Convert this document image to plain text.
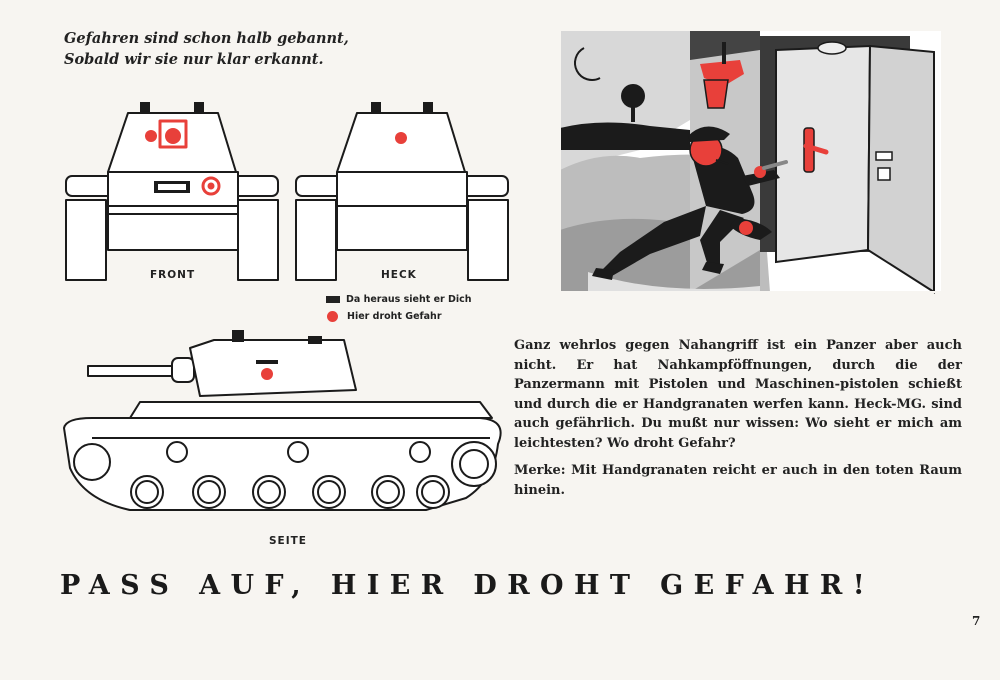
Gefahren sind schon halb gebannt,
Sobald wir sie nur klar erkannt.
FRONT	HECK
SEITE
Da heraus sieht er Dich
Hier droht Gefahr

Ganz wehrlos gegen Nahangriff ist ein Panzer aber auch nicht. Er hat Nahkampföffnungen, durch die der Panzermann mit Pistolen und Maschinen-pistolen schießt und durch die er Handgranaten werfen kann. Heck-MG. sind auch gefährlich. Du mußt nur wissen: Wo sieht er mich am leichtesten? Wo droht Gefahr?

Merke: Mit Handgranaten reicht er auch in den toten Raum hinein.

PASS AUF, HIER DROHT GEFAHR!
7
